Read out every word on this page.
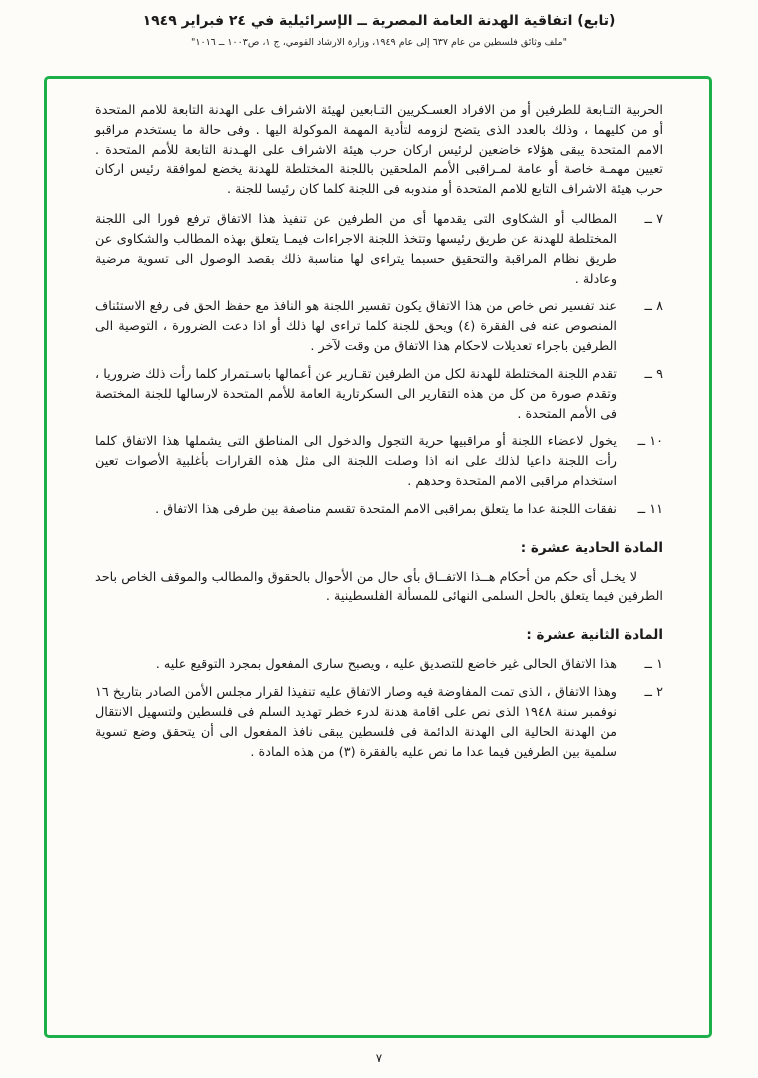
(تابع) اتفاقية الهدنة العامة المصرية ــ الإسرائيلية في ٢٤ فبراير ١٩٤٩
"ملف وثائق فلسطين من عام ٦٣٧ إلى عام ١٩٤٩، وزارة الارشاد القومي، ج ١، ص١٠٠٣ ــ ١٠١٦"

الحربية التـابعة للطرفين أو من الافراد العسـكريين التـابعين لهيئة الاشراف على الهدنة التابعة للامم المتحدة أو من كليهما ، وذلك بالعدد الذى يتضح لزومه لتأدية المهمة الموكولة اليها . وفى حالة ما يستخدم مراقبو الامم المتحدة يبقى هؤلاء خاضعين لرئيس اركان حرب هيئة الاشراف على الهـدنة التابعة للأمم المتحدة . تعيين مهمـة خاصة أو عامة لمـراقبى الأمم الملحقين باللجنة المختلطة للهدنة يخضع لموافقة رئيس اركان حرب هيئة الاشراف التابع للامم المتحدة أو مندوبه فى اللجنة كلما كان رئيسا للجنة .

٧ ــ
المطالب أو الشكاوى التى يقدمها أى من الطرفين عن تنفيذ هذا الاتفاق ترفع فورا الى اللجنة المختلطة للهدنة عن طريق رئيسها وتتخذ اللجنة الاجراءات فيمـا يتعلق بهذه المطالب والشكاوى عن طريق نظام المراقبة والتحقيق حسبما يتراءى لها مناسبة ذلك بقصد الوصول الى تسوية مرضية وعادلة .
٨ ــ
عند تفسير نص خاص من هذا الاتفاق يكون تفسير اللجنة هو النافذ مع حفظ الحق فى رفع الاستئناف المنصوص عنه فى الفقرة (٤) ويحق للجنة كلما تراءى لها ذلك أو اذا دعت الضرورة ، التوصية الى الطرفين باجراء تعديلات لاحكام هذا الاتفاق من وقت لآخر .
٩ ــ
تقدم اللجنة المختلطة للهدنة لكل من الطرفين تقـارير عن أعمالها باسـتمرار كلما رأت ذلك ضروريا ، وتقدم صورة من كل من هذه التقارير الى السكرتارية العامة للأمم المتحدة لارسالها للجنة المختصة فى الأمم المتحدة .
١٠ ــ
يخول لاعضاء اللجنة أو مراقبيها حرية التجول والدخول الى المناطق التى يشملها هذا الاتفاق كلما رأت اللجنة داعيا لذلك على انه اذا وصلت اللجنة الى مثل هذه القرارات بأغلبية الأصوات تعين استخدام مراقبى الامم المتحدة وحدهم .
١١ ــ
نفقات اللجنة عدا ما يتعلق بمراقبى الامم المتحدة تقسم مناصفة بين طرفى هذا الاتفاق .
المادة الحادية عشرة :

لا يخـل أى حكم من أحكام هــذا الاتفــاق بأى حال من الأحوال بالحقوق والمطالب والموقف الخاص باحد الطرفين فيما يتعلق بالحل السلمى النهائى للمسألة الفلسطينية .

المادة الثانية عشرة :
١ ــ
هذا الاتفاق الحالى غير خاضع للتصديق عليه ، ويصبح سارى المفعول بمجرد التوقيع عليه .
٢ ــ
وهذا الاتفاق ، الذى تمت المفاوضة فيه وصار الاتفاق عليه تنفيذا لقرار مجلس الأمن الصادر بتاريخ ١٦ نوفمبر سنة ١٩٤٨ الذى نص على اقامة هدنة لدرء خطر تهديد السلم فى فلسطين ولتسهيل الانتقال من الهدنة الحالية الى الهدنة الدائمة فى فلسطين يبقى نافذ المفعول الى أن يتحقق وضع تسوية سلمية بين الطرفين فيما عدا ما نص عليه بالفقرة (٣) من هذه المادة .
٧
